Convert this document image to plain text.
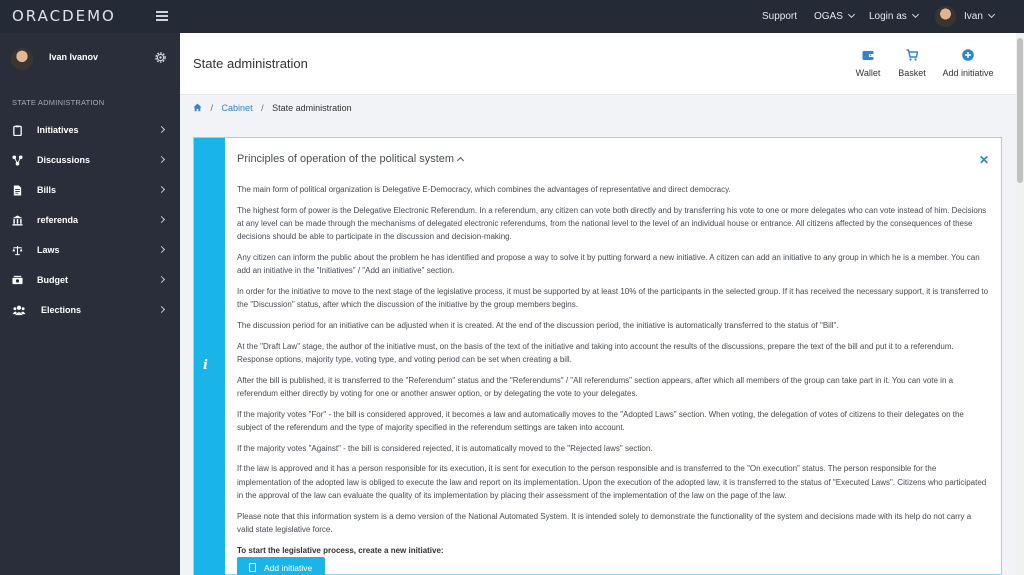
ORACDEMO	Support OGAS	Login as	Ivan
Ivan Ivanov
STATE ADMINISTRATION
Initiatives
Discussions
Bills
referenda
Laws
Budget
Elections
State administration
Wallet Basket Add initiative
/ Cabinet / State administration
i
Principles of operation of the political system	✕

The main form of political organization is Delegative E-Democracy, which combines the advantages of representative and direct democracy.

The highest form of power is the Delegative Electronic Referendum. In a referendum, any citizen can vote both directly and by transferring his vote to one or more delegates who can vote instead of him. Decisions at any level can be made through the mechanisms of delegated electronic referendums, from the national level to the level of an individual house or entrance. All citizens affected by the consequences of these decisions should be able to participate in the discussion and decision-making.

Any citizen can inform the public about the problem he has identified and propose a way to solve it by putting forward a new initiative. A citizen can add an initiative to any group in which he is a member. You can add an initiative in the "Initiatives" / "Add an initiative" section.

In order for the initiative to move to the next stage of the legislative process, it must be supported by at least 10% of the participants in the selected group. If it has received the necessary support, it is transferred to the "Discussion" status, after which the discussion of the initiative by the group members begins.

The discussion period for an initiative can be adjusted when it is created. At the end of the discussion period, the initiative is automatically transferred to the status of "Bill".

At the "Draft Law" stage, the author of the initiative must, on the basis of the text of the initiative and taking into account the results of the discussions, prepare the text of the bill and put it to a referendum. Response options, majority type, voting type, and voting period can be set when creating a bill.

After the bill is published, it is transferred to the "Referendum" status and the "Referendums" / "All referendums" section appears, after which all members of the group can take part in it. You can vote in a referendum either directly by voting for one or another answer option, or by delegating the vote to your delegates.

If the majority votes "For" - the bill is considered approved, it becomes a law and automatically moves to the "Adopted Laws" section. When voting, the delegation of votes of citizens to their delegates on the subject of the referendum and the type of majority specified in the referendum settings are taken into account.

If the majority votes "Against" - the bill is considered rejected, it is automatically moved to the "Rejected laws" section.

If the law is approved and it has a person responsible for its execution, it is sent for execution to the person responsible and is transferred to the "On execution" status. The person responsible for the implementation of the adopted law is obliged to execute the law and report on its implementation. Upon the execution of the adopted law, it is transferred to the status of "Executed Laws". Citizens who participated in the approval of the law can evaluate the quality of its implementation by placing their assessment of the implementation of the law on the page of the law.

Please note that this information system is a demo version of the National Automated System. It is intended solely to demonstrate the functionality of the system and decisions made with its help do not carry a valid state legislative force.

To start the legislative process, create a new initiative:

Add initiative
